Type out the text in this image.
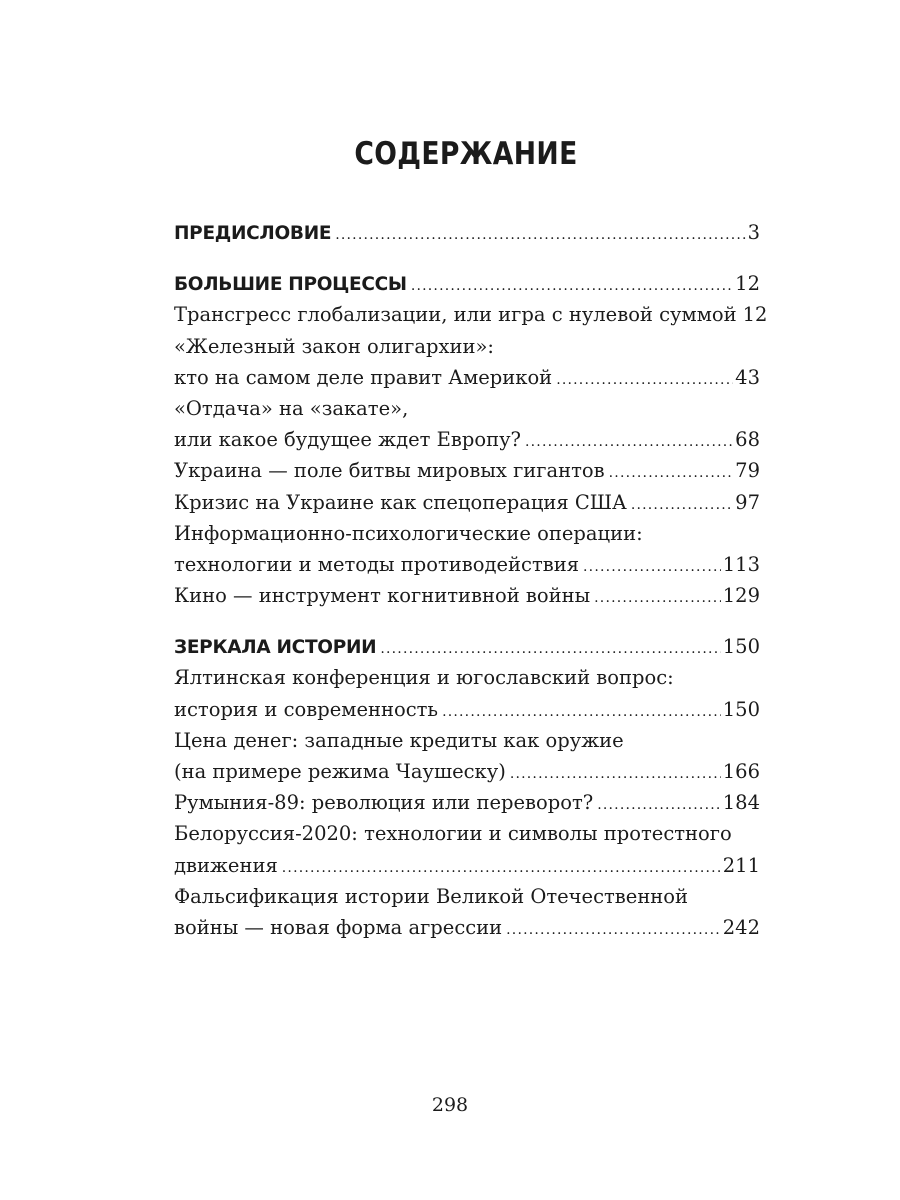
СОДЕРЖАНИЕ
ПРЕДИСЛОВИЕ .....	3
БОЛЬШИЕ ПРОЦЕССЫ .....	12
Трансгресс глобализации, или игра с нулевой суммой 12
«Железный закон олигархии»:
кто на самом деле правит Америкой .....	43
«Отдача» на «закате»,
или какое будущее ждет Европу? .....	68
Украина — поле битвы мировых гигантов .....	79
Кризис на Украине как спецоперация США .....	97
Информационно-психологические операции:
технологии и методы противодействия .....	113
Кино — инструмент когнитивной войны .....	129
ЗЕРКАЛА ИСТОРИИ .....	150
Ялтинская конференция и югославский вопрос:
история и современность .....	150
Цена денег: западные кредиты как оружие
(на примере режима Чаушеску) .....	166
Румыния-89: революция или переворот? .....	184
Белоруссия-2020: технологии и символы протестного
движения .....	211
Фальсификация истории Великой Отечественной
войны — новая форма агрессии .....	242
298
